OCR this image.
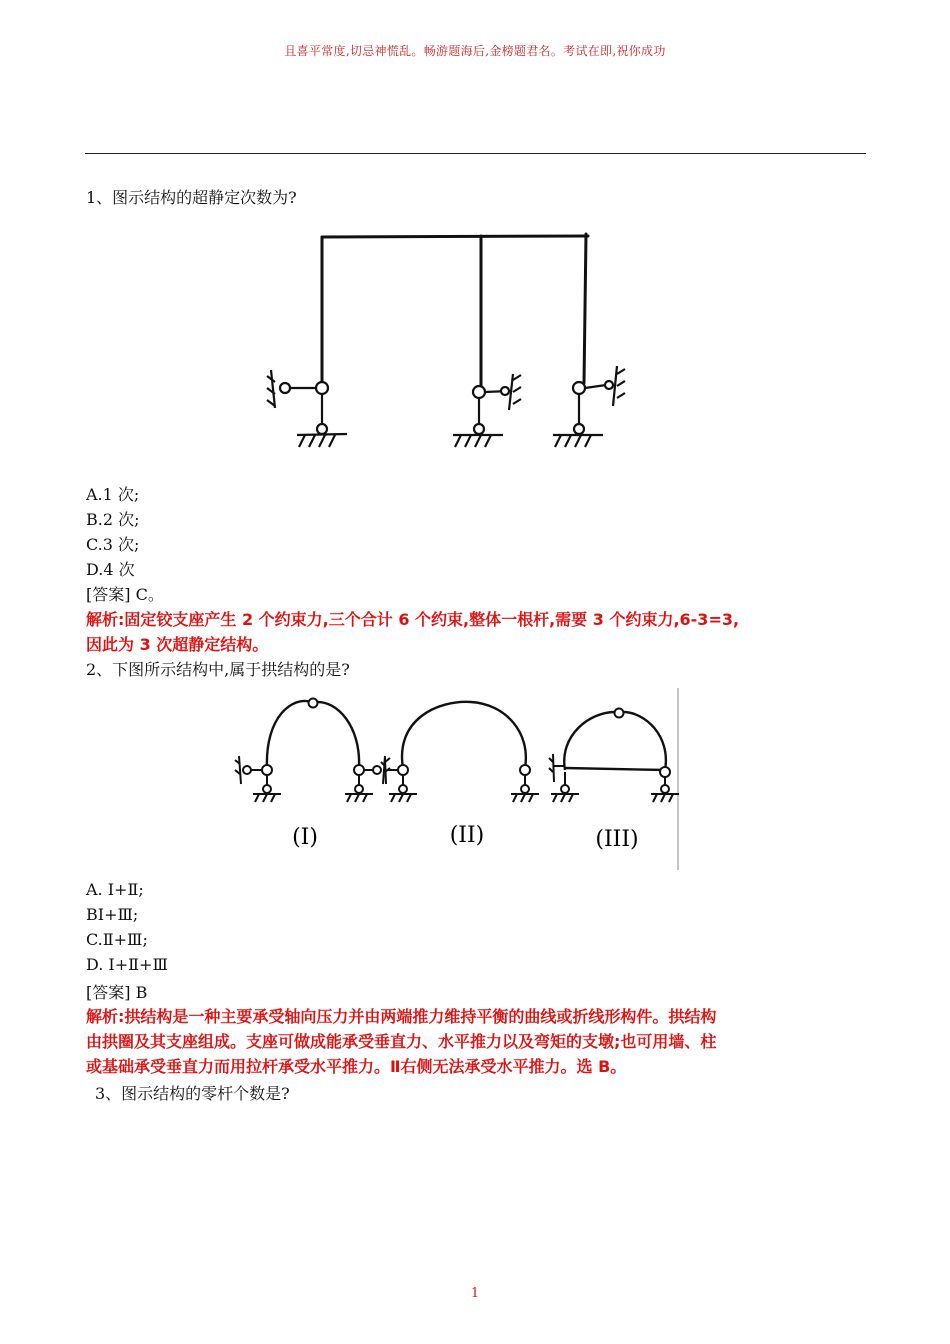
且喜平常度,切忌神慌乱。畅游题海后,金榜题君名。考试在即,祝你成功
1、图示结构的超静定次数为?
A.1 次;
B.2 次;
C.3 次;
D.4 次
[答案] C。
解析:固定铰支座产生 2 个约束力,三个合计 6 个约束,整体一根杆,需要 3 个约束力,6-3=3,
因此为 3 次超静定结构。
2、下图所示结构中,属于拱结构的是?
(I)	(II)	(III)
A. Ⅰ+Ⅱ;
BⅠ+Ⅲ;
C.Ⅱ+Ⅲ;
D. Ⅰ+Ⅱ+Ⅲ
[答案] B
解析:拱结构是一种主要承受轴向压力并由两端推力维持平衡的曲线或折线形构件。拱结构
由拱圈及其支座组成。支座可做成能承受垂直力、水平推力以及弯矩的支墩;也可用墙、柱
或基础承受垂直力而用拉杆承受水平推力。Ⅱ右侧无法承受水平推力。选 B。
3、图示结构的零杆个数是?
1
